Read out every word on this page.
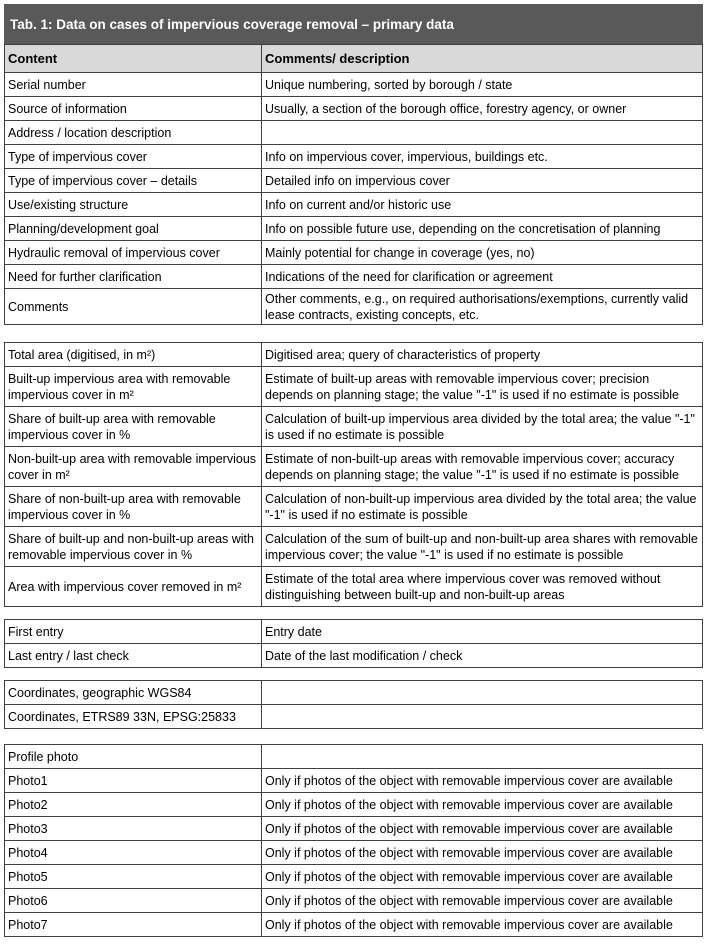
Tab. 1: Data on cases of impervious coverage removal – primary data
Content	Comments/ description
Serial number	Unique numbering, sorted by borough / state
Source of information	Usually, a section of the borough office, forestry agency, or owner
Address / location description	
Type of impervious cover	Info on impervious cover, impervious, buildings etc.
Type of impervious cover – details	Detailed info on impervious cover
Use/existing structure	Info on current and/or historic use
Planning/development goal	Info on possible future use, depending on the concretisation of planning
Hydraulic removal of impervious cover	Mainly potential for change in coverage (yes, no)
Need for further clarification	Indications of the need for clarification or agreement
Comments	Other comments, e.g., on required authorisations/exemptions, currently valid lease contracts, existing concepts, etc.
Total area (digitised, in m²)	Digitised area; query of characteristics of property
Built-up impervious area with removable impervious cover in m²	Estimate of built-up areas with removable impervious cover; precision depends on planning stage; the value "-1" is used if no estimate is possible
Share of built-up area with removable impervious cover in %	Calculation of built-up impervious area divided by the total area; the value "-1" is used if no estimate is possible
Non-built-up area with removable impervious cover in m²	Estimate of non-built-up areas with removable impervious cover; accuracy depends on planning stage; the value "-1" is used if no estimate is possible
Share of non-built-up area with removable impervious cover in %	Calculation of non-built-up impervious area divided by the total area; the value "-1" is used if no estimate is possible
Share of built-up and non-built-up areas with removable impervious cover in %	Calculation of the sum of built-up and non-built-up area shares with removable impervious cover; the value "-1" is used if no estimate is possible
Area with impervious cover removed in m²	Estimate of the total area where impervious cover was removed without distinguishing between built-up and non-built-up areas
First entry	Entry date
Last entry / last check	Date of the last modification / check
Coordinates, geographic WGS84	
Coordinates, ETRS89 33N, EPSG:25833	
Profile photo	
Photo1	Only if photos of the object with removable impervious cover are available
Photo2	Only if photos of the object with removable impervious cover are available
Photo3	Only if photos of the object with removable impervious cover are available
Photo4	Only if photos of the object with removable impervious cover are available
Photo5	Only if photos of the object with removable impervious cover are available
Photo6	Only if photos of the object with removable impervious cover are available
Photo7	Only if photos of the object with removable impervious cover are available
